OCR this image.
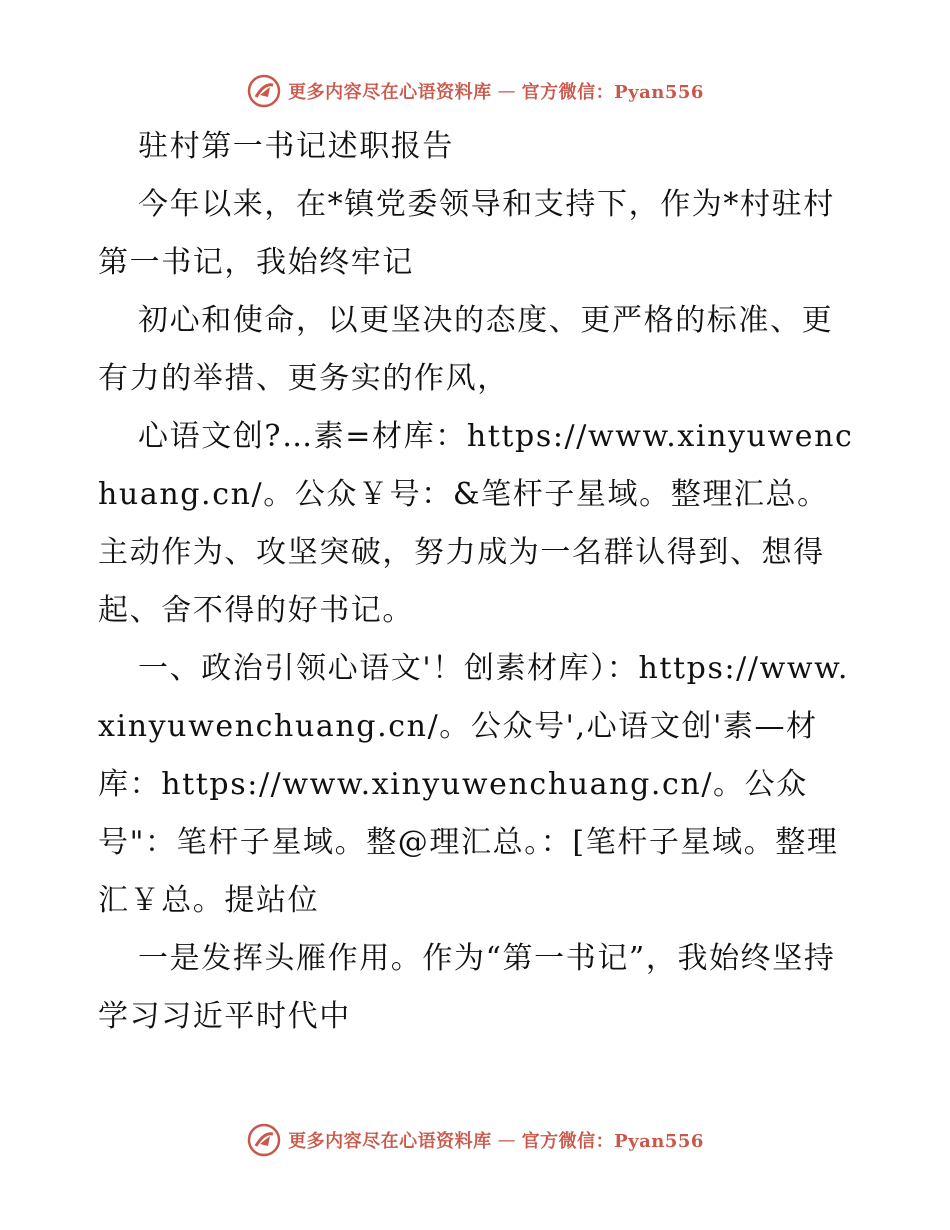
更多内容尽在心语资料库 — 官方微信：Pyan556

驻村第一书记述职报告

今年以来，在*镇党委领导和支持下，作为*村驻村第一书记，我始终牢记

初心和使命，以更坚决的态度、更严格的标准、更有力的举措、更务实的作风，

心语文创?…素=材库：https://www.xinyuwenchuang.cn/。公众￥号：&笔杆子星域。整理汇总。主动作为、攻坚突破，努力成为一名群认得到、想得起、舍不得的好书记。

一、政治引领心语文'！创素材库）：https://www.xinyuwenchuang.cn/。公众号',心语文创'素—材库：https://www.xinyuwenchuang.cn/。公众号"：笔杆子星域。整@理汇总。：[笔杆子星域。整理汇￥总。提站位

一是发挥头雁作用。作为“第一书记”，我始终坚持学习习近平时代中

更多内容尽在心语资料库 — 官方微信：Pyan556
